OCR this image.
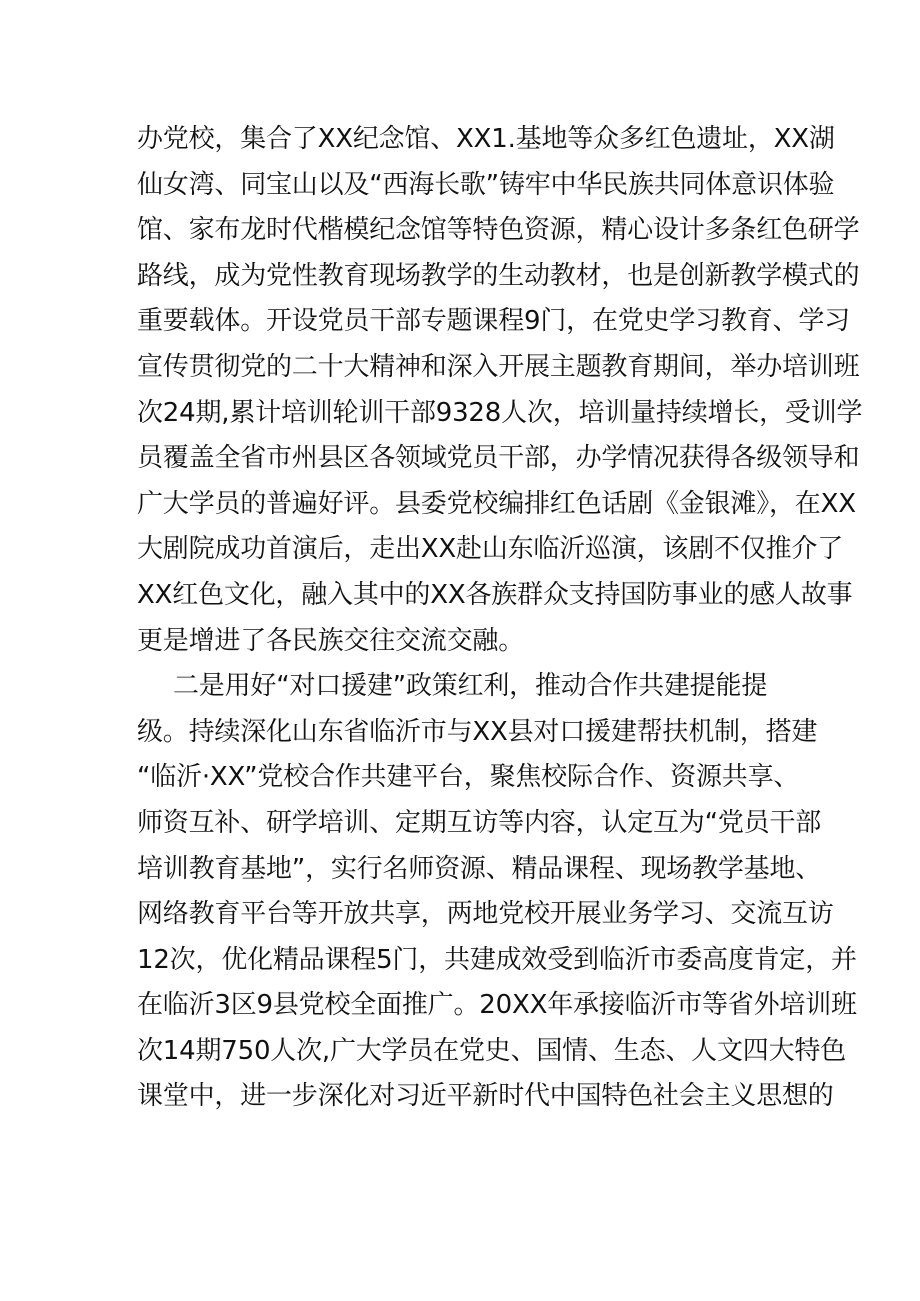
办党校，集合了XX纪念馆、XX1.基地等众多红色遗址，XX湖
仙女湾、同宝山以及“西海长歌”铸牢中华民族共同体意识体验
馆、家布龙时代楷模纪念馆等特色资源，精心设计多条红色研学
路线，成为党性教育现场教学的生动教材，也是创新教学模式的
重要载体。开设党员干部专题课程9门，在党史学习教育、学习
宣传贯彻党的二十大精神和深入开展主题教育期间，举办培训班
次24期,累计培训轮训干部9328人次，培训量持续增长，受训学
员覆盖全省市州县区各领域党员干部，办学情况获得各级领导和
广大学员的普遍好评。县委党校编排红色话剧《金银滩》，在XX
大剧院成功首演后，走出XX赴山东临沂巡演，该剧不仅推介了
XX红色文化，融入其中的XX各族群众支持国防事业的感人故事
更是增进了各民族交往交流交融。
二是用好“对口援建”政策红利，推动合作共建提能提
级。持续深化山东省临沂市与XX县对口援建帮扶机制，搭建
“临沂·XX”党校合作共建平台，聚焦校际合作、资源共享、
师资互补、研学培训、定期互访等内容，认定互为“党员干部
培训教育基地”，实行名师资源、精品课程、现场教学基地、
网络教育平台等开放共享，两地党校开展业务学习、交流互访
12次，优化精品课程5门，共建成效受到临沂市委高度肯定，并
在临沂3区9县党校全面推广。20XX年承接临沂市等省外培训班
次14期750人次,广大学员在党史、国情、生态、人文四大特色
课堂中，进一步深化对习近平新时代中国特色社会主义思想的
